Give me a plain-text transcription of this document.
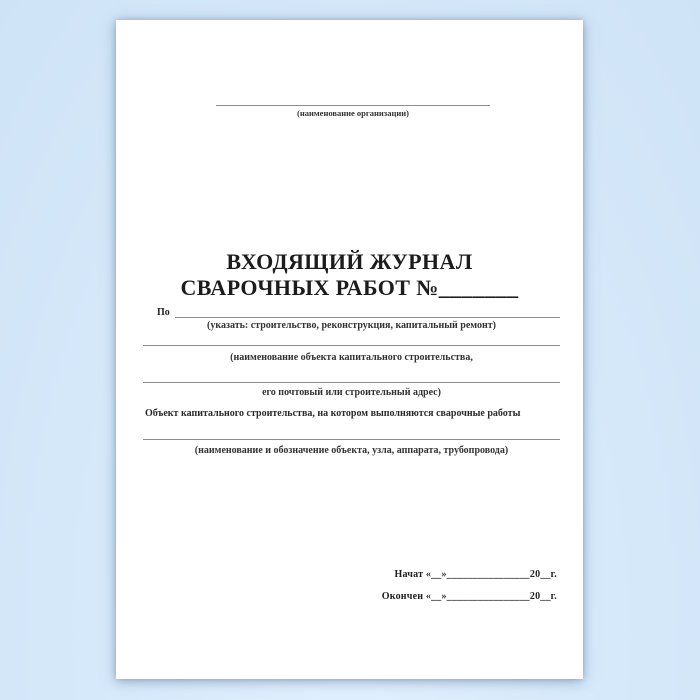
(наименование организации)
ВХОДЯЩИЙ ЖУРНАЛ
СВАРОЧНЫХ РАБОТ №_______
По
(указать: строительство, реконструкция, капитальный ремонт)
(наименование объекта капитального строительства,
его почтовый или строительный адрес)
Объект капитального строительства, на котором выполняются сварочные работы
(наименование и обозначение объекта, узла, аппарата, трубопровода)
Начат «__»________________20__г.
Окончен «__»________________20__г.
